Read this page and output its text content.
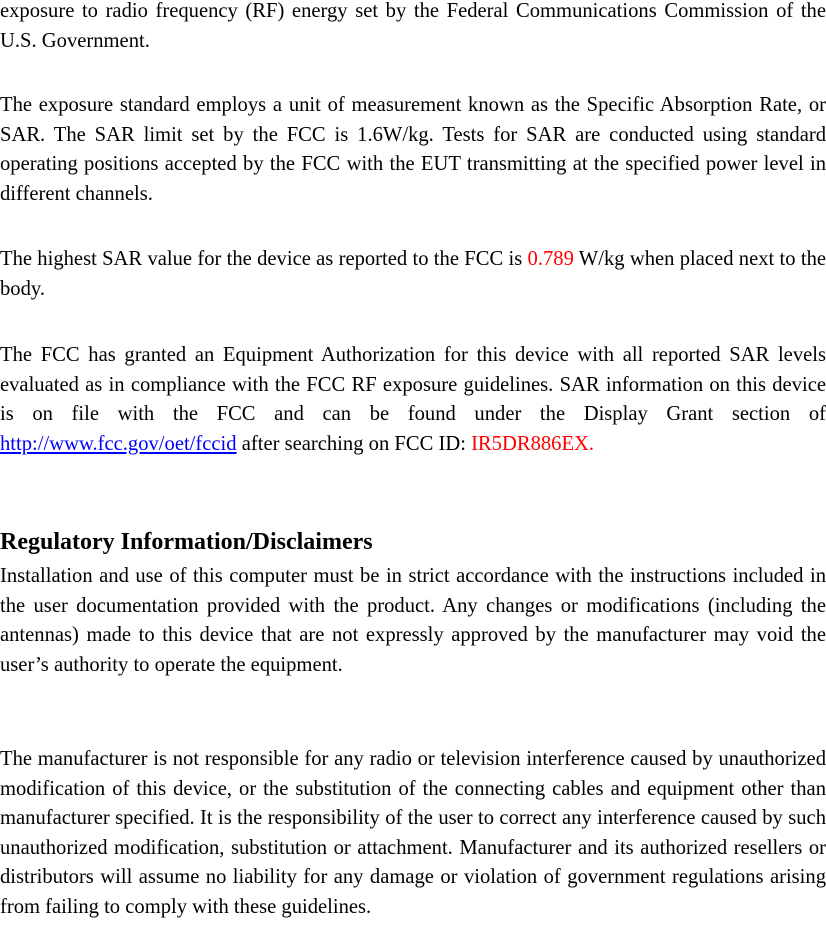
exposure to radio frequency (RF) energy set by the Federal Communications Commission of the U.S. Government.

The exposure standard employs a unit of measurement known as the Specific Absorption Rate, or SAR. The SAR limit set by the FCC is 1.6W/kg. Tests for SAR are conducted using standard operating positions accepted by the FCC with the EUT transmitting at the specified power level in different channels.

The highest SAR value for the device as reported to the FCC is 0.789 W/kg when placed next to the body.

The FCC has granted an Equipment Authorization for this device with all reported SAR levels evaluated as in compliance with the FCC RF exposure guidelines. SAR information on this device is on file with the FCC and can be found under the Display Grant section of http://www.fcc.gov/oet/fccid after searching on FCC ID: IR5DR886EX.

Regulatory Information/Disclaimers

Installation and use of this computer must be in strict accordance with the instructions included in the user documentation provided with the product. Any changes or modifications (including the antennas) made to this device that are not expressly approved by the manufacturer may void the user’s authority to operate the equipment.

The manufacturer is not responsible for any radio or television interference caused by unauthorized modification of this device, or the substitution of the connecting cables and equipment other than manufacturer specified. It is the responsibility of the user to correct any interference caused by such unauthorized modification, substitution or attachment. Manufacturer and its authorized resellers or distributors will assume no liability for any damage or violation of government regulations arising from failing to comply with these guidelines.
